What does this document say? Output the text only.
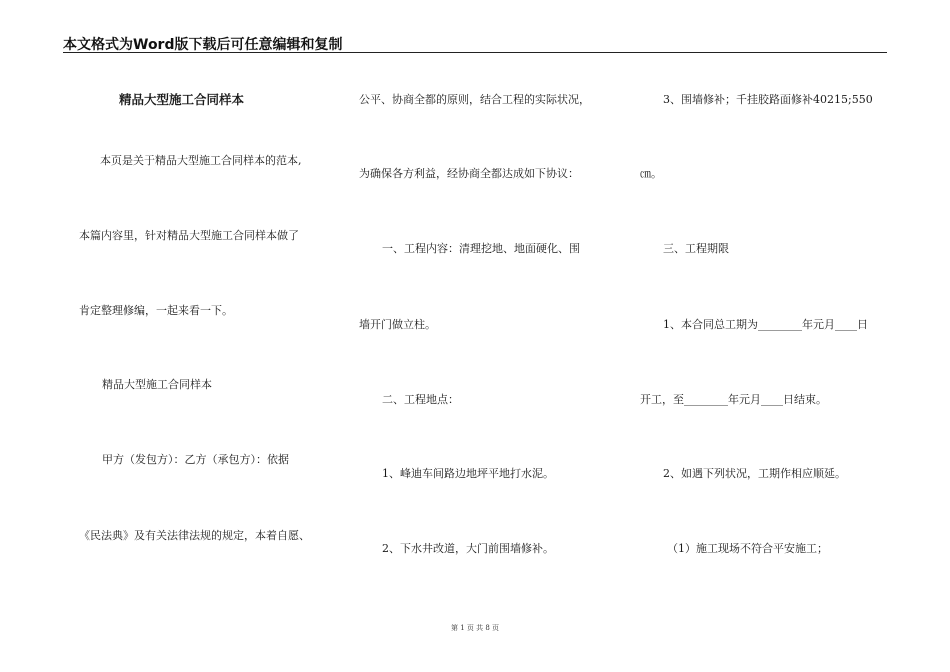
本文格式为Word版下载后可任意编辑和复制
精品大型施工合同样本
本页是关于精品大型施工合同样本的范本,
本篇内容里，针对精品大型施工合同样本做了
肯定整理修编，一起来看一下。
精品大型施工合同样本
甲方（发包方）：乙方（承包方）：依据
《民法典》及有关法律法规的规定，本着自愿、
公平、协商全都的原则，结合工程的实际状况，
为确保各方利益，经协商全都达成如下协议：
一、工程内容：清理挖地、地面硬化、围
墙开门做立柱。
二、工程地点：
1、峰迪车间路边地坪平地打水泥。
2、下水井改道，大门前围墙修补。
3、围墙修补；千挂胶路面修补40215;550
㎝。
三、工程期限
1、本合同总工期为________年元月____日
开工，至________年元月____日结束。
2、如遇下列状况，工期作相应顺延。
（1）施工现场不符合平安施工；
第 1 页 共 8 页
